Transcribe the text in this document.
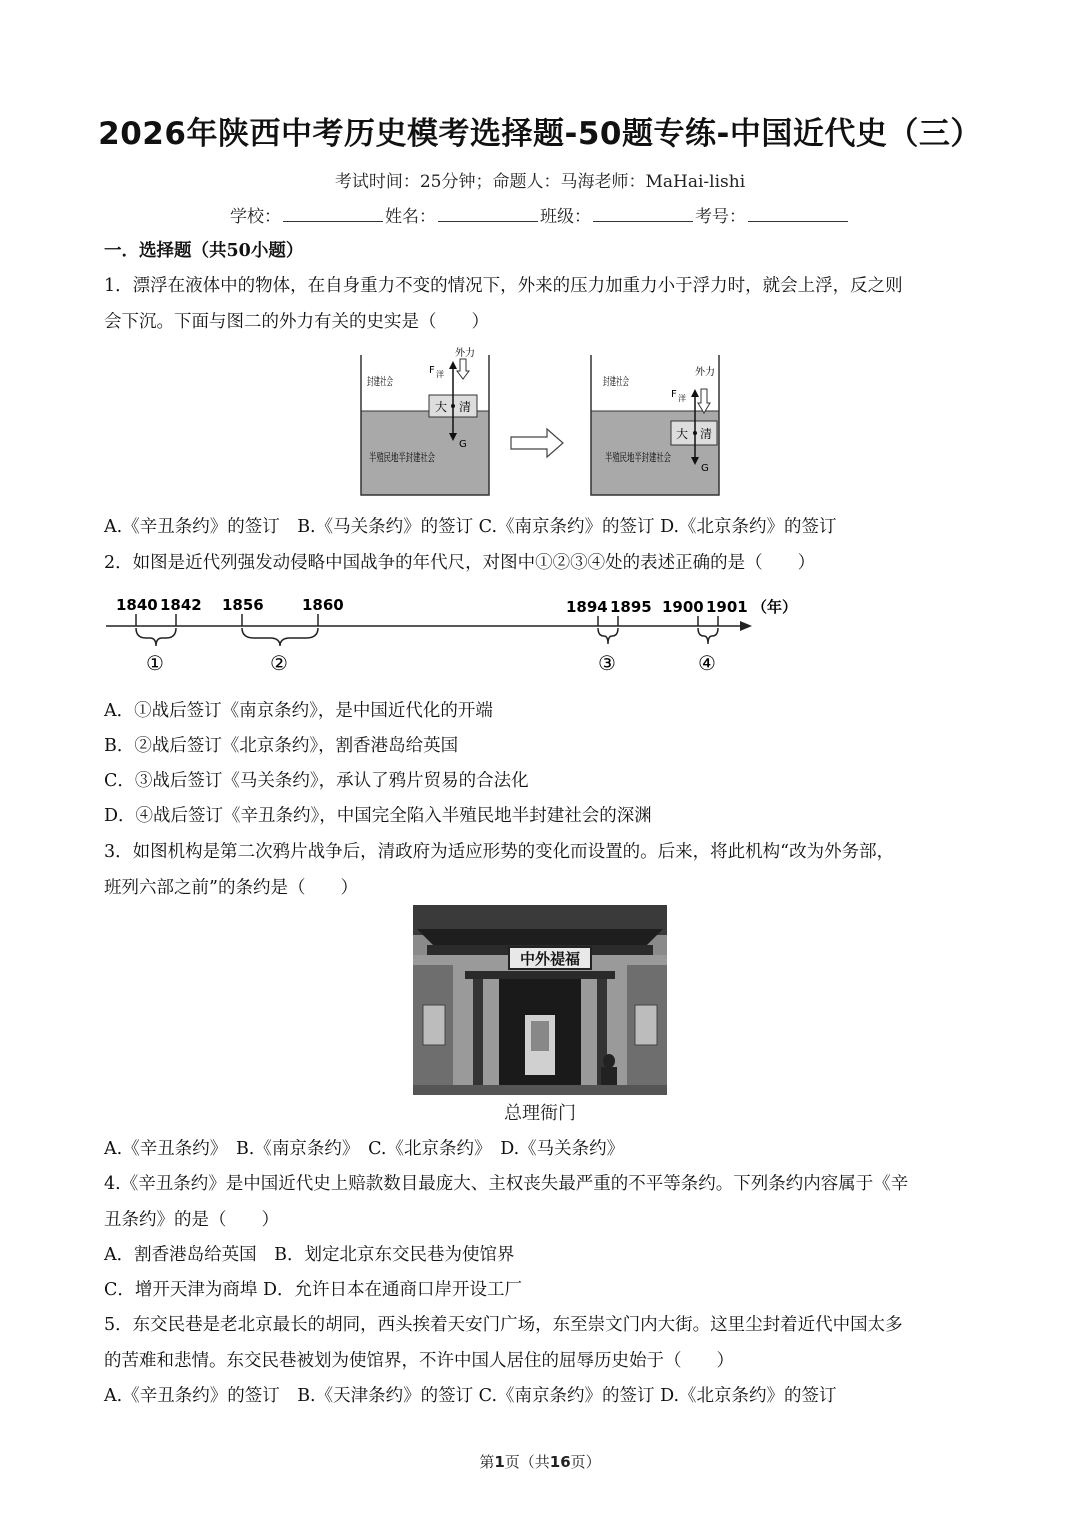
2026年陕西中考历史模考选择题-50题专练-中国近代史（三）
考试时间：25分钟；命题人：马海老师：MaHai-lishi
学校：	姓名：	班级：	考号：
一．选择题（共50小题）
1．漂浮在液体中的物体，在自身重力不变的情况下，外来的压力加重力小于浮力时，就会上浮，反之则
会下沉。下面与图二的外力有关的史实是（　　）
大 清
F 洋
G
外力
封建社会
半殖民地半封建社会
大 清
F 洋
G
外力
封建社会
半殖民地半封建社会
A.《辛丑条约》的签订　B.《马关条约》的签订 C.《南京条约》的签订 D.《北京条约》的签订
2．如图是近代列强发动侵略中国战争的年代尺，对图中①②③④处的表述正确的是（　　）
1840 1842 1856	1860	1894 1895 1900 1901 （年）
①	②	③	④
A．①战后签订《南京条约》，是中国近代化的开端
B．②战后签订《北京条约》，割香港岛给英国
C．③战后签订《马关条约》，承认了鸦片贸易的合法化
D．④战后签订《辛丑条约》，中国完全陷入半殖民地半封建社会的深渊
3．如图机构是第二次鸦片战争后，清政府为适应形势的变化而设置的。后来，将此机构“改为外务部，
班列六部之前”的条约是（　　）
中外禔福
总理衙门
A.《辛丑条约》　B.《南京条约》　C.《北京条约》　D.《马关条约》
4.《辛丑条约》是中国近代史上赔款数目最庞大、主权丧失最严重的不平等条约。下列条约内容属于《辛
丑条约》的是（　　）
A．割香港岛给英国　B．划定北京东交民巷为使馆界
C．增开天津为商埠 D．允许日本在通商口岸开设工厂
5．东交民巷是老北京最长的胡同，西头挨着天安门广场，东至崇文门内大街。这里尘封着近代中国太多
的苦难和悲情。东交民巷被划为使馆界，不许中国人居住的屈辱历史始于（　　）
A.《辛丑条约》的签订　B.《天津条约》的签订 C.《南京条约》的签订 D.《北京条约》的签订
第1页（共16页）
